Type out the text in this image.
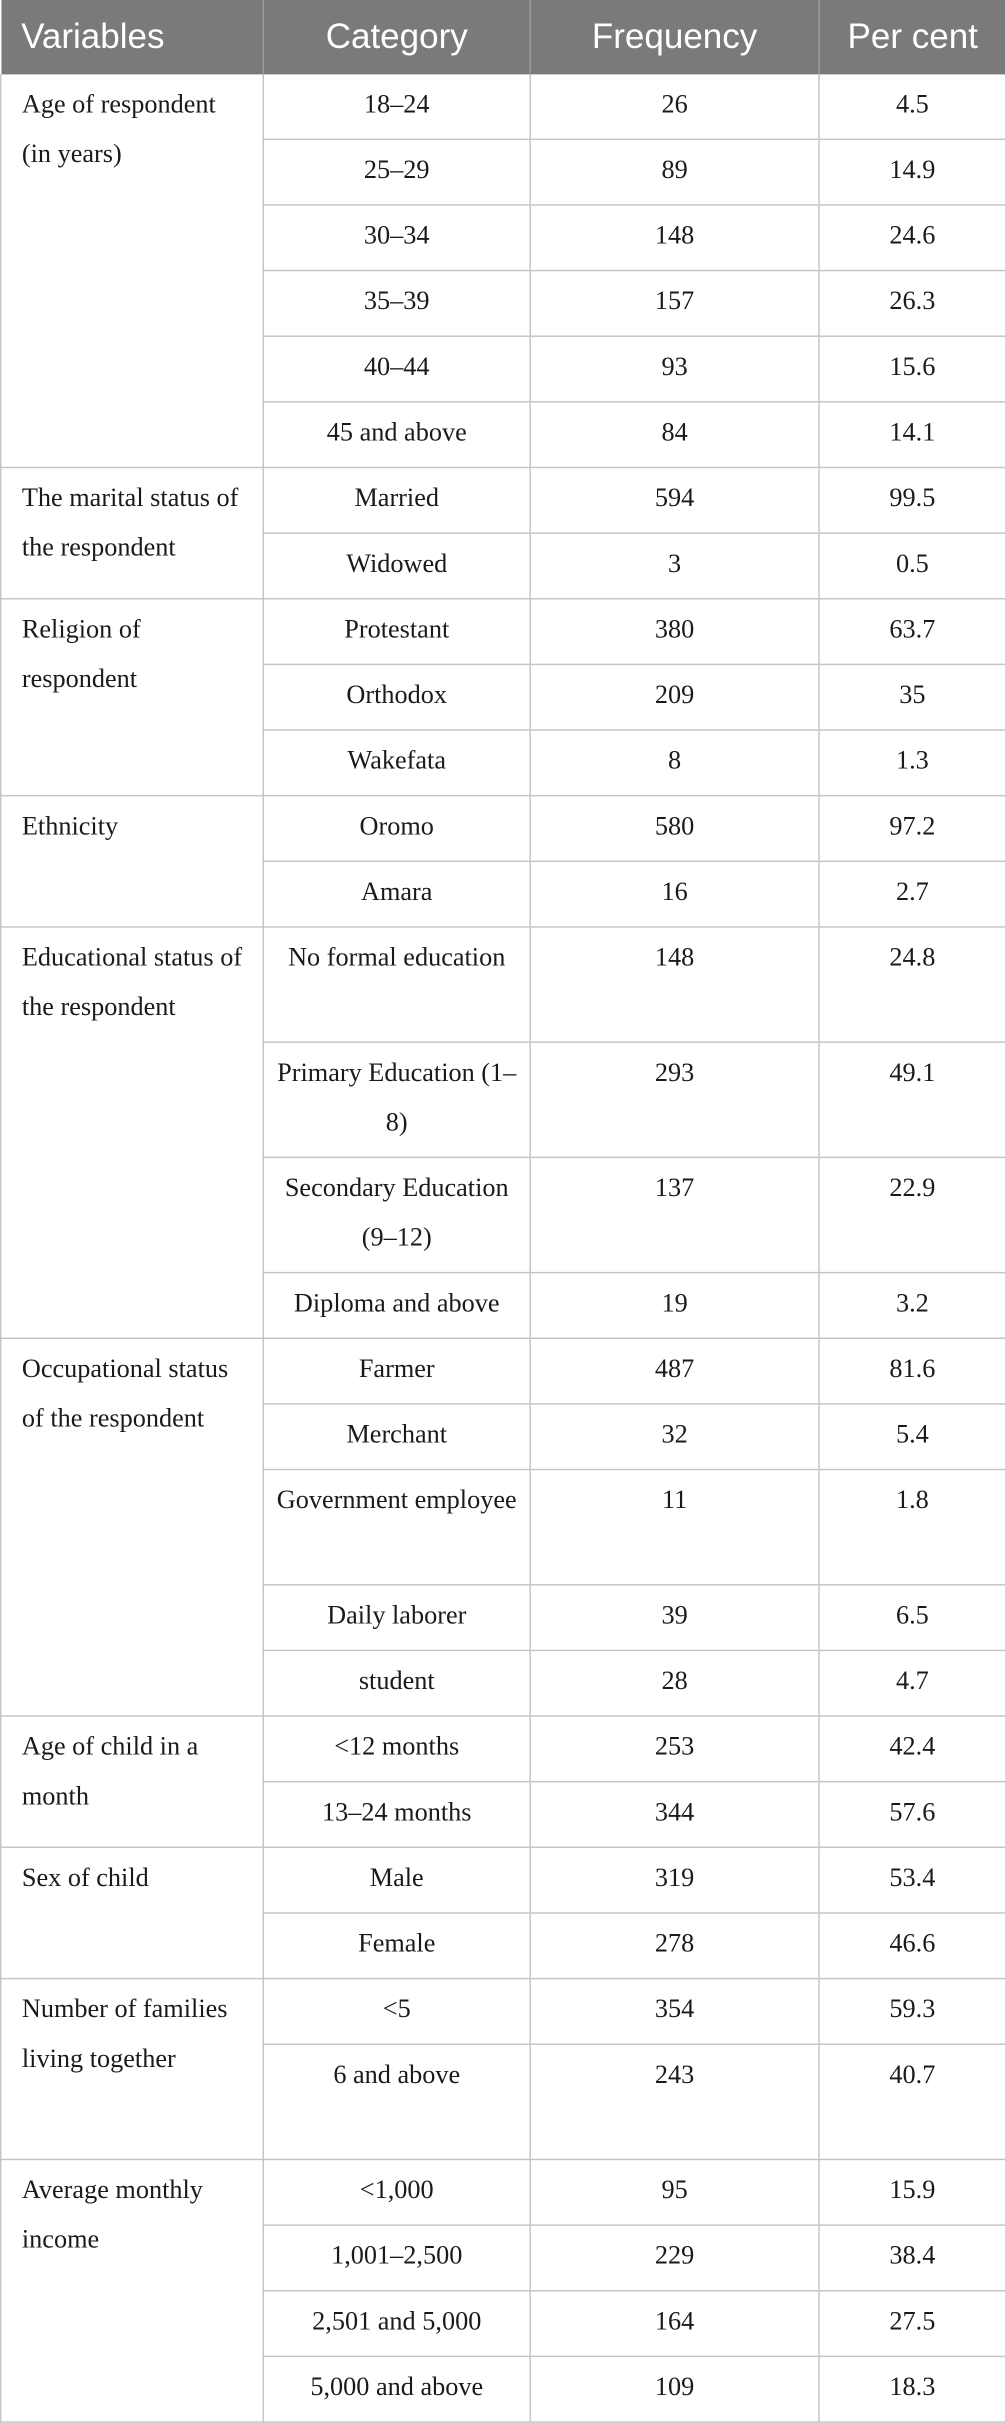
Variables	Category	Frequency	Per cent
Age of respondent (in years)	18–24	26	4.5
	25–29	89	14.9
	30–34	148	24.6
	35–39	157	26.3
	40–44	93	15.6
	45 and above	84	14.1
The marital status of the respondent	Married	594	99.5
	Widowed	3	0.5
Religion of respondent	Protestant	380	63.7
	Orthodox	209	35
	Wakefata	8	1.3
Ethnicity	Oromo	580	97.2
	Amara	16	2.7
Educational status of the respondent	No formal education	148	24.8
	Primary Education (1–8)	293	49.1
	Secondary Education (9–12)	137	22.9
	Diploma and above	19	3.2
Occupational status of the respondent	Farmer	487	81.6
	Merchant	32	5.4
	Government employee	11	1.8
	Daily laborer	39	6.5
	student	28	4.7
Age of child in a month	<12 months	253	42.4
	13–24 months	344	57.6
Sex of child	Male	319	53.4
	Female	278	46.6
Number of families living together	<5	354	59.3
	6 and above	243	40.7
Average monthly income	<1,000	95	15.9
	1,001–2,500	229	38.4
	2,501 and 5,000	164	27.5
	5,000 and above	109	18.3
